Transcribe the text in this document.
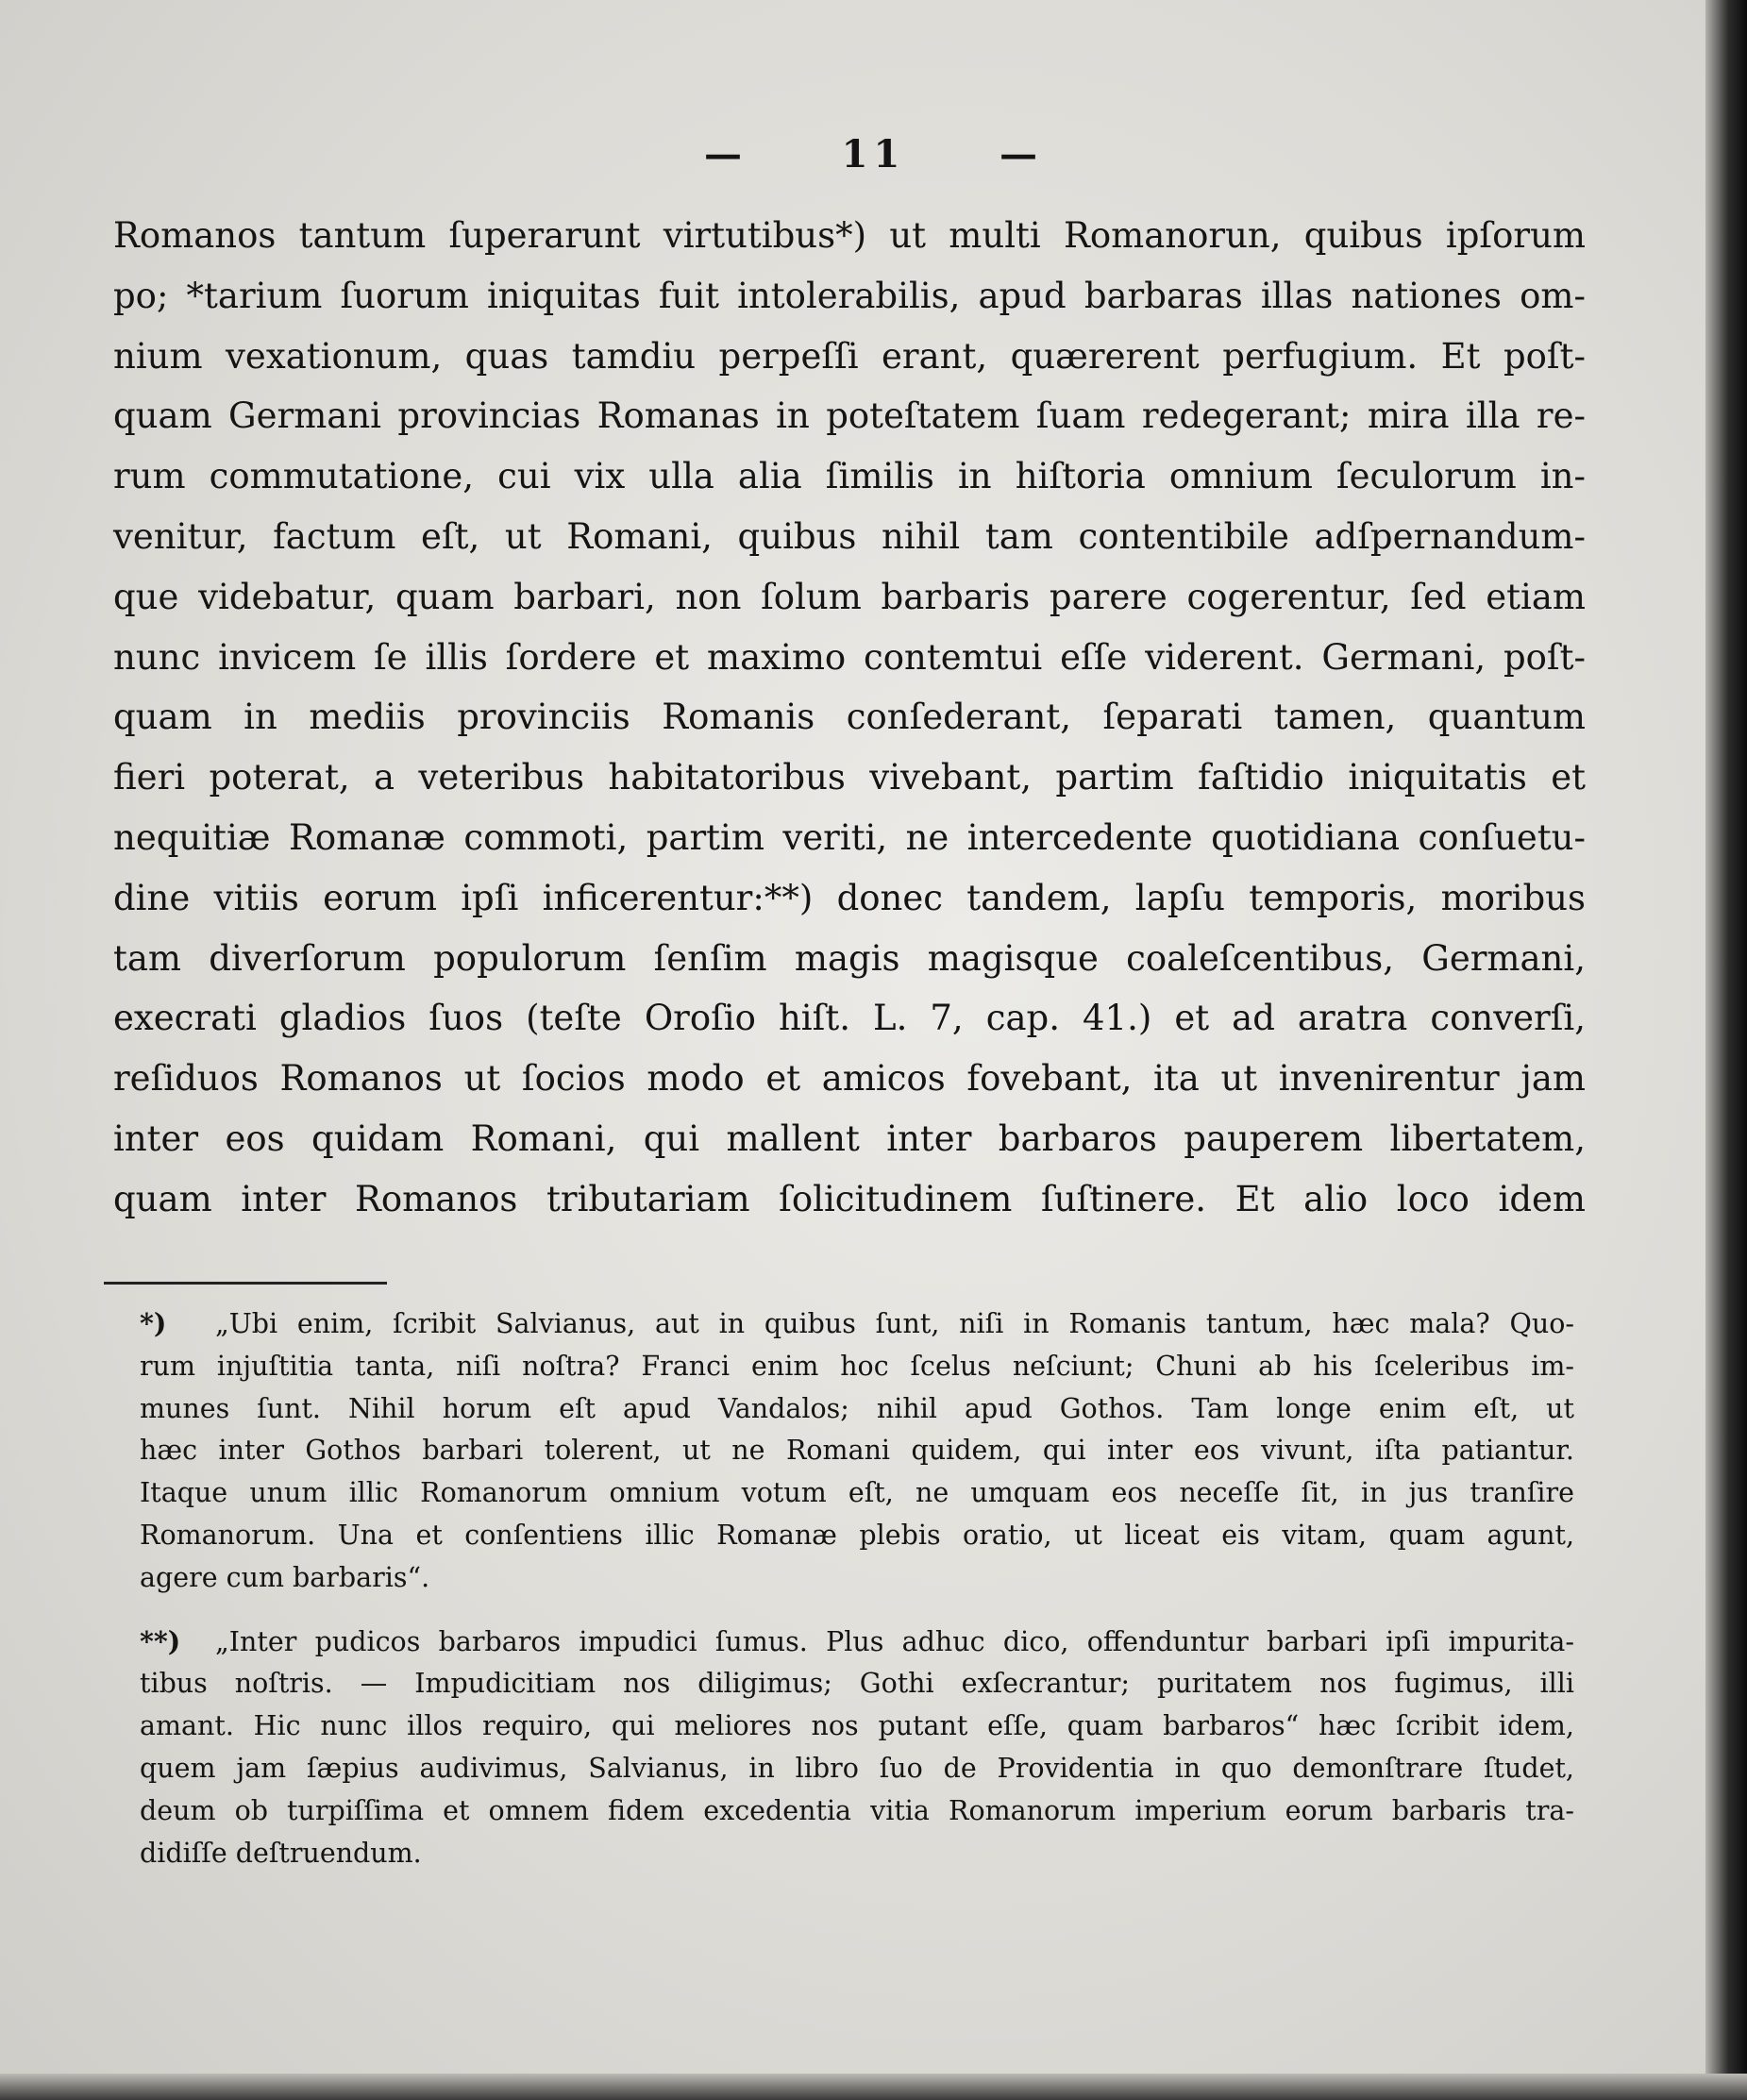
— 11 —
Romanos tantum ſuperarunt virtutibus*) ut multi Romanorun, quibus ipſorum
po; *tarium ſuorum iniquitas fuit intolerabilis, apud barbaras illas nationes om-
nium vexationum, quas tamdiu perpeſſi erant, quærerent perfugium. Et poſt-
quam Germani provincias Romanas in poteſtatem ſuam redegerant; mira illa re-
rum commutatione, cui vix ulla alia ſimilis in hiſtoria omnium ſeculorum in-
venitur, factum eſt, ut Romani, quibus nihil tam contentibile adſpernandum-
que videbatur, quam barbari, non ſolum barbaris parere cogerentur, ſed etiam
nunc invicem ſe illis ſordere et maximo contemtui eſſe viderent. Germani, poſt-
quam in mediis provinciis Romanis conſederant, ſeparati tamen, quantum
fieri poterat, a veteribus habitatoribus vivebant, partim faſtidio iniquitatis et
nequitiæ Romanæ commoti, partim veriti, ne intercedente quotidiana conſuetu-
dine vitiis eorum ipſi inficerentur:**) donec tandem, lapſu temporis, moribus
tam diverſorum populorum ſenſim magis magisque coaleſcentibus, Germani,
execrati gladios ſuos (teſte Oroſio hiſt. L. 7, cap. 41.) et ad aratra converſi,
reſiduos Romanos ut ſocios modo et amicos fovebant, ita ut invenirentur jam
inter eos quidam Romani, qui mallent inter barbaros pauperem libertatem,
quam inter Romanos tributariam ſolicitudinem ſuſtinere. Et alio loco idem
*) „Ubi enim, ſcribit Salvianus, aut in quibus ſunt, niſi in Romanis tantum, hæc mala? Quo-
rum injuſtitia tanta, niſi noſtra? Franci enim hoc ſcelus neſciunt; Chuni ab his ſceleribus im-
munes ſunt. Nihil horum eſt apud Vandalos; nihil apud Gothos. Tam longe enim eſt, ut
hæc inter Gothos barbari tolerent, ut ne Romani quidem, qui inter eos vivunt, iſta patiantur.
Itaque unum illic Romanorum omnium votum eſt, ne umquam eos neceſſe ſit, in jus tranſire
Romanorum. Una et conſentiens illic Romanæ plebis oratio, ut liceat eis vitam, quam agunt,
agere cum barbaris“.
**) „Inter pudicos barbaros impudici ſumus. Plus adhuc dico, offenduntur barbari ipſi impurita-
tibus noſtris. — Impudicitiam nos diligimus; Gothi exſecrantur; puritatem nos fugimus, illi
amant. Hic nunc illos requiro, qui meliores nos putant eſſe, quam barbaros“ hæc ſcribit idem,
quem jam ſæpius audivimus, Salvianus, in libro ſuo de Providentia in quo demonſtrare ſtudet,
deum ob turpiſſima et omnem fidem excedentia vitia Romanorum imperium eorum barbaris tra-
didiſſe deſtruendum.
